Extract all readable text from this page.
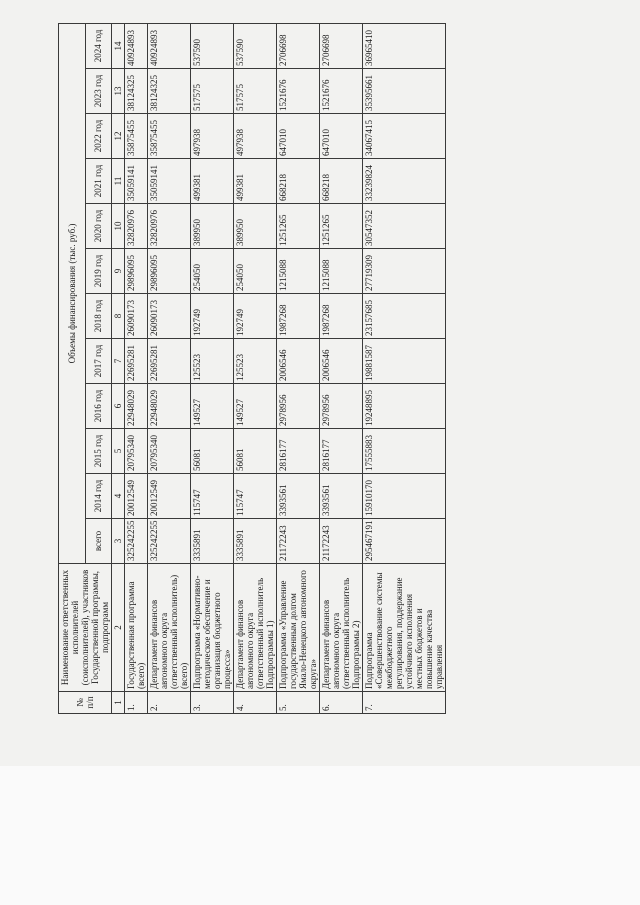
№ п/п	Наименование ответственных исполнителей (соисполнителей), участников Государственной программы, подпрограмм	Объемы финансирования (тыс. руб.)											
		всего	2014 год	2015 год	2016 год	2017 год	2018 год	2019 год	2020 год	2021 год	2022 год	2023 год	2024 год
1	2	3	4	5	6	7	8	9	10	11	12	13	14
1.	Государственная программа (всего)	325242255	20012549	20795340	22948029	22695281	26090173	29896095	32820976	35059141	35875455	38124325	40924893
2.	Департамент финансов автономного округа (ответственный исполнитель) (всего)	325242255	20012549	20795340	22948029	22695281	26090173	29896095	32820976	35059141	35875455	38124325	40924893
3.	Подпрограмма «Нормативно-методическое обеспечение и организация бюджетного процесса»	3335891	115747	56081	149527	125523	192749	254050	389950	499381	497938	517575	537590
4.	Департамент финансов автономного округа (ответственный исполнитель Подпрограммы 1)	3335891	115747	56081	149527	125523	192749	254050	389950	499381	497938	517575	537590
5.	Подпрограмма «Управление государственным долгом Ямало-Ненецкого автономного округа»	21172243	3393561	2816177	2978956	2006546	1987268	1215088	1251265	668218	647010	1521676	2706698
6.	Департамент финансов автономного округа (ответственный исполнитель Подпрограммы 2)	21172243	3393561	2816177	2978956	2006546	1987268	1215088	1251265	668218	647010	1521676	2706698
7.	Подпрограмма «Совершенствование системы межбюджетного регулирования, поддержание устойчивого исполнения местных бюджетов и повышение качества управления	295467191	15910170	17555883	19248895	19881587	23157685	27719309	30547352	33239824	34067415	35395661	36965410
